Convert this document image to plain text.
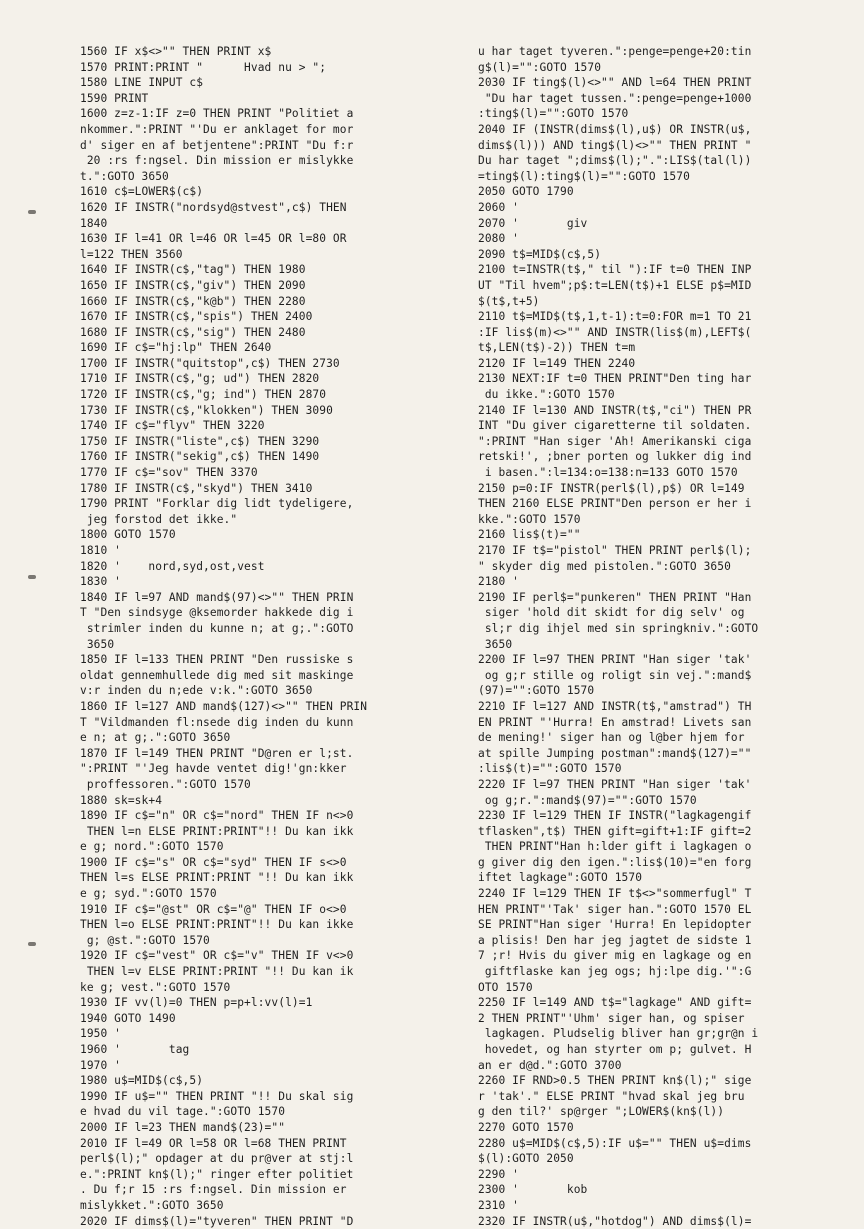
1560 IF x$<>"" THEN PRINT x$
1570 PRINT:PRINT "      Hvad nu > ";
1580 LINE INPUT c$
1590 PRINT
1600 z=z-1:IF z=0 THEN PRINT "Politiet a
nkommer.":PRINT "'Du er anklaget for mor
d' siger en af betjentene":PRINT "Du f:r
20 :rs f:ngsel. Din mission er mislykke
t.":GOTO 3650
1610 c$=LOWER$(c$)
1620 IF INSTR("nordsyd@stvest",c$) THEN
1840
1630 IF l=41 OR l=46 OR l=45 OR l=80 OR
l=122 THEN 3560
1640 IF INSTR(c$,"tag") THEN 1980
1650 IF INSTR(c$,"giv") THEN 2090
1660 IF INSTR(c$,"k@b") THEN 2280
1670 IF INSTR(c$,"spis") THEN 2400
1680 IF INSTR(c$,"sig") THEN 2480
1690 IF c$="hj:lp" THEN 2640
1700 IF INSTR("quitstop",c$) THEN 2730
1710 IF INSTR(c$,"g; ud") THEN 2820
1720 IF INSTR(c$,"g; ind") THEN 2870
1730 IF INSTR(c$,"klokken") THEN 3090
1740 IF c$="flyv" THEN 3220
1750 IF INSTR("liste",c$) THEN 3290
1760 IF INSTR("sekig",c$) THEN 1490
1770 IF c$="sov" THEN 3370
1780 IF INSTR(c$,"skyd") THEN 3410
1790 PRINT "Forklar dig lidt tydeligere,
jeg forstod det ikke."
1800 GOTO 1570
1810 '
1820 '    nord,syd,ost,vest
1830 '
1840 IF l=97 AND mand$(97)<>"" THEN PRIN
T "Den sindsyge @ksemorder hakkede dig i
strimler inden du kunne n; at g;.":GOTO
3650
1850 IF l=133 THEN PRINT "Den russiske s
oldat gennemhullede dig med sit maskinge
v:r inden du n;ede v:k.":GOTO 3650
1860 IF l=127 AND mand$(127)<>"" THEN PRIN
T "Vildmanden fl:nsede dig inden du kunn
e n; at g;.":GOTO 3650
1870 IF l=149 THEN PRINT "D@ren er l;st.
":PRINT "'Jeg havde ventet dig!'gn:kker
proffessoren.":GOTO 1570
1880 sk=sk+4
1890 IF c$="n" OR c$="nord" THEN IF n<>0
THEN l=n ELSE PRINT:PRINT"!! Du kan ikk
e g; nord.":GOTO 1570
1900 IF c$="s" OR c$="syd" THEN IF s<>0
THEN l=s ELSE PRINT:PRINT "!! Du kan ikk
e g; syd.":GOTO 1570
1910 IF c$="@st" OR c$="@" THEN IF o<>0
THEN l=o ELSE PRINT:PRINT"!! Du kan ikke
g; @st.":GOTO 1570
1920 IF c$="vest" OR c$="v" THEN IF v<>0
THEN l=v ELSE PRINT:PRINT "!! Du kan ik
ke g; vest.":GOTO 1570
1930 IF vv(l)=0 THEN p=p+l:vv(l)=1
1940 GOTO 1490
1950 '
1960 '       tag
1970 '
1980 u$=MID$(c$,5)
1990 IF u$="" THEN PRINT "!! Du skal sig
e hvad du vil tage.":GOTO 1570
2000 IF l=23 THEN mand$(23)=""
2010 IF l=49 OR l=58 OR l=68 THEN PRINT
perl$(l);" opdager at du pr@ver at stj:l
e.":PRINT kn$(l);" ringer efter politiet
. Du f;r 15 :rs f:ngsel. Din mission er
mislykket.":GOTO 3650
2020 IF dims$(l)="tyveren" THEN PRINT "D
u har taget tyveren.":penge=penge+20:tin
g$(l)="":GOTO 1570
2030 IF ting$(l)<>"" AND l=64 THEN PRINT
"Du har taget tussen.":penge=penge+1000
:ting$(l)="":GOTO 1570
2040 IF (INSTR(dims$(l),u$) OR INSTR(u$,
dims$(l))) AND ting$(l)<>"" THEN PRINT "
Du har taget ";dims$(l);".":LIS$(tal(l))
=ting$(l):ting$(l)="":GOTO 1570
2050 GOTO 1790
2060 '
2070 '       giv
2080 '
2090 t$=MID$(c$,5)
2100 t=INSTR(t$," til "):IF t=0 THEN INP
UT "Til hvem";p$:t=LEN(t$)+1 ELSE p$=MID
$(t$,t+5)
2110 t$=MID$(t$,1,t-1):t=0:FOR m=1 TO 21
:IF lis$(m)<>"" AND INSTR(lis$(m),LEFT$(
t$,LEN(t$)-2)) THEN t=m
2120 IF l=149 THEN 2240
2130 NEXT:IF t=0 THEN PRINT"Den ting har
du ikke.":GOTO 1570
2140 IF l=130 AND INSTR(t$,"ci") THEN PR
INT "Du giver cigaretterne til soldaten.
":PRINT "Han siger 'Ah! Amerikanski ciga
retski!', ;bner porten og lukker dig ind
i basen.":l=134:o=138:n=133 GOTO 1570
2150 p=0:IF INSTR(perl$(l),p$) OR l=149
THEN 2160 ELSE PRINT"Den person er her i
kke.":GOTO 1570
2160 lis$(t)=""
2170 IF t$="pistol" THEN PRINT perl$(l);
" skyder dig med pistolen.":GOTO 3650
2180 '
2190 IF perl$="punkeren" THEN PRINT "Han
siger 'hold dit skidt for dig selv' og
sl;r dig ihjel med sin springkniv.":GOTO
3650
2200 IF l=97 THEN PRINT "Han siger 'tak'
og g;r stille og roligt sin vej.":mand$
(97)="":GOTO 1570
2210 IF l=127 AND INSTR(t$,"amstrad") TH
EN PRINT "'Hurra! En amstrad! Livets san
de mening!' siger han og l@ber hjem for
at spille Jumping postman":mand$(127)=""
:lis$(t)="":GOTO 1570
2220 IF l=97 THEN PRINT "Han siger 'tak'
og g;r.":mand$(97)="":GOTO 1570
2230 IF l=129 THEN IF INSTR("lagkagengif
tflasken",t$) THEN gift=gift+1:IF gift=2
THEN PRINT"Han h:lder gift i lagkagen o
g giver dig den igen.":lis$(10)="en forg
iftet lagkage":GOTO 1570
2240 IF l=129 THEN IF t$<>"sommerfugl" T
HEN PRINT"'Tak' siger han.":GOTO 1570 EL
SE PRINT"Han siger 'Hurra! En lepidopter
a plisis! Den har jeg jagtet de sidste 1
7 ;r! Hvis du giver mig en lagkage og en
giftflaske kan jeg ogs; hj:lpe dig.'":G
OTO 1570
2250 IF l=149 AND t$="lagkage" AND gift=
2 THEN PRINT"'Uhm' siger han, og spiser
lagkagen. Pludselig bliver han gr;gr@n i
hovedet, og han styrter om p; gulvet. H
an er d@d.":GOTO 3700
2260 IF RND>0.5 THEN PRINT kn$(l);" sige
r 'tak'." ELSE PRINT "hvad skal jeg bru
g den til?' sp@rger ";LOWER$(kn$(l))
2270 GOTO 1570
2280 u$=MID$(c$,5):IF u$="" THEN u$=dims
$(l):GOTO 2050
2290 '
2300 '       kob
2310 '
2320 IF INSTR(u$,"hotdog") AND dims$(l)=
